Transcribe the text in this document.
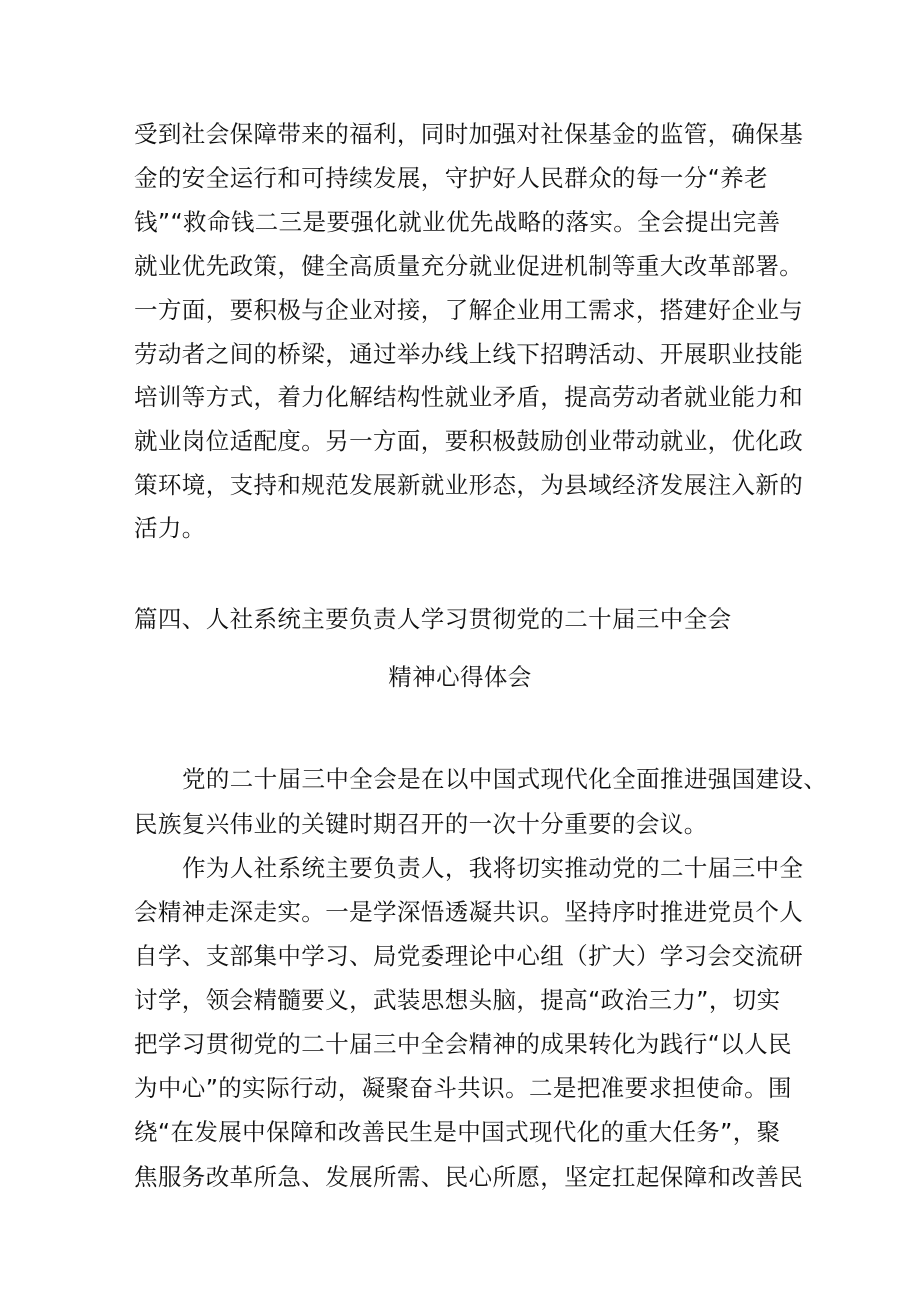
受到社会保障带来的福利，同时加强对社保基金的监管，确保基
金的安全运行和可持续发展，守护好人民群众的每一分“养老
钱”“救命钱二三是要强化就业优先战略的落实。全会提出完善
就业优先政策，健全高质量充分就业促进机制等重大改革部署。
一方面，要积极与企业对接，了解企业用工需求，搭建好企业与
劳动者之间的桥梁，通过举办线上线下招聘活动、开展职业技能
培训等方式，着力化解结构性就业矛盾，提高劳动者就业能力和
就业岗位适配度。另一方面，要积极鼓励创业带动就业，优化政
策环境，支持和规范发展新就业形态，为县域经济发展注入新的
活力。
篇四、人社系统主要负责人学习贯彻党的二十届三中全会
精神心得体会
党的二十届三中全会是在以中国式现代化全面推进强国建设、
民族复兴伟业的关键时期召开的一次十分重要的会议。
作为人社系统主要负责人，我将切实推动党的二十届三中全
会精神走深走实。一是学深悟透凝共识。坚持序时推进党员个人
自学、支部集中学习、局党委理论中心组（扩大）学习会交流研
讨学，领会精髓要义，武装思想头脑，提高“政治三力”，切实
把学习贯彻党的二十届三中全会精神的成果转化为践行“以人民
为中心”的实际行动，凝聚奋斗共识。二是把准要求担使命。围
绕“在发展中保障和改善民生是中国式现代化的重大任务”，聚
焦服务改革所急、发展所需、民心所愿，坚定扛起保障和改善民
